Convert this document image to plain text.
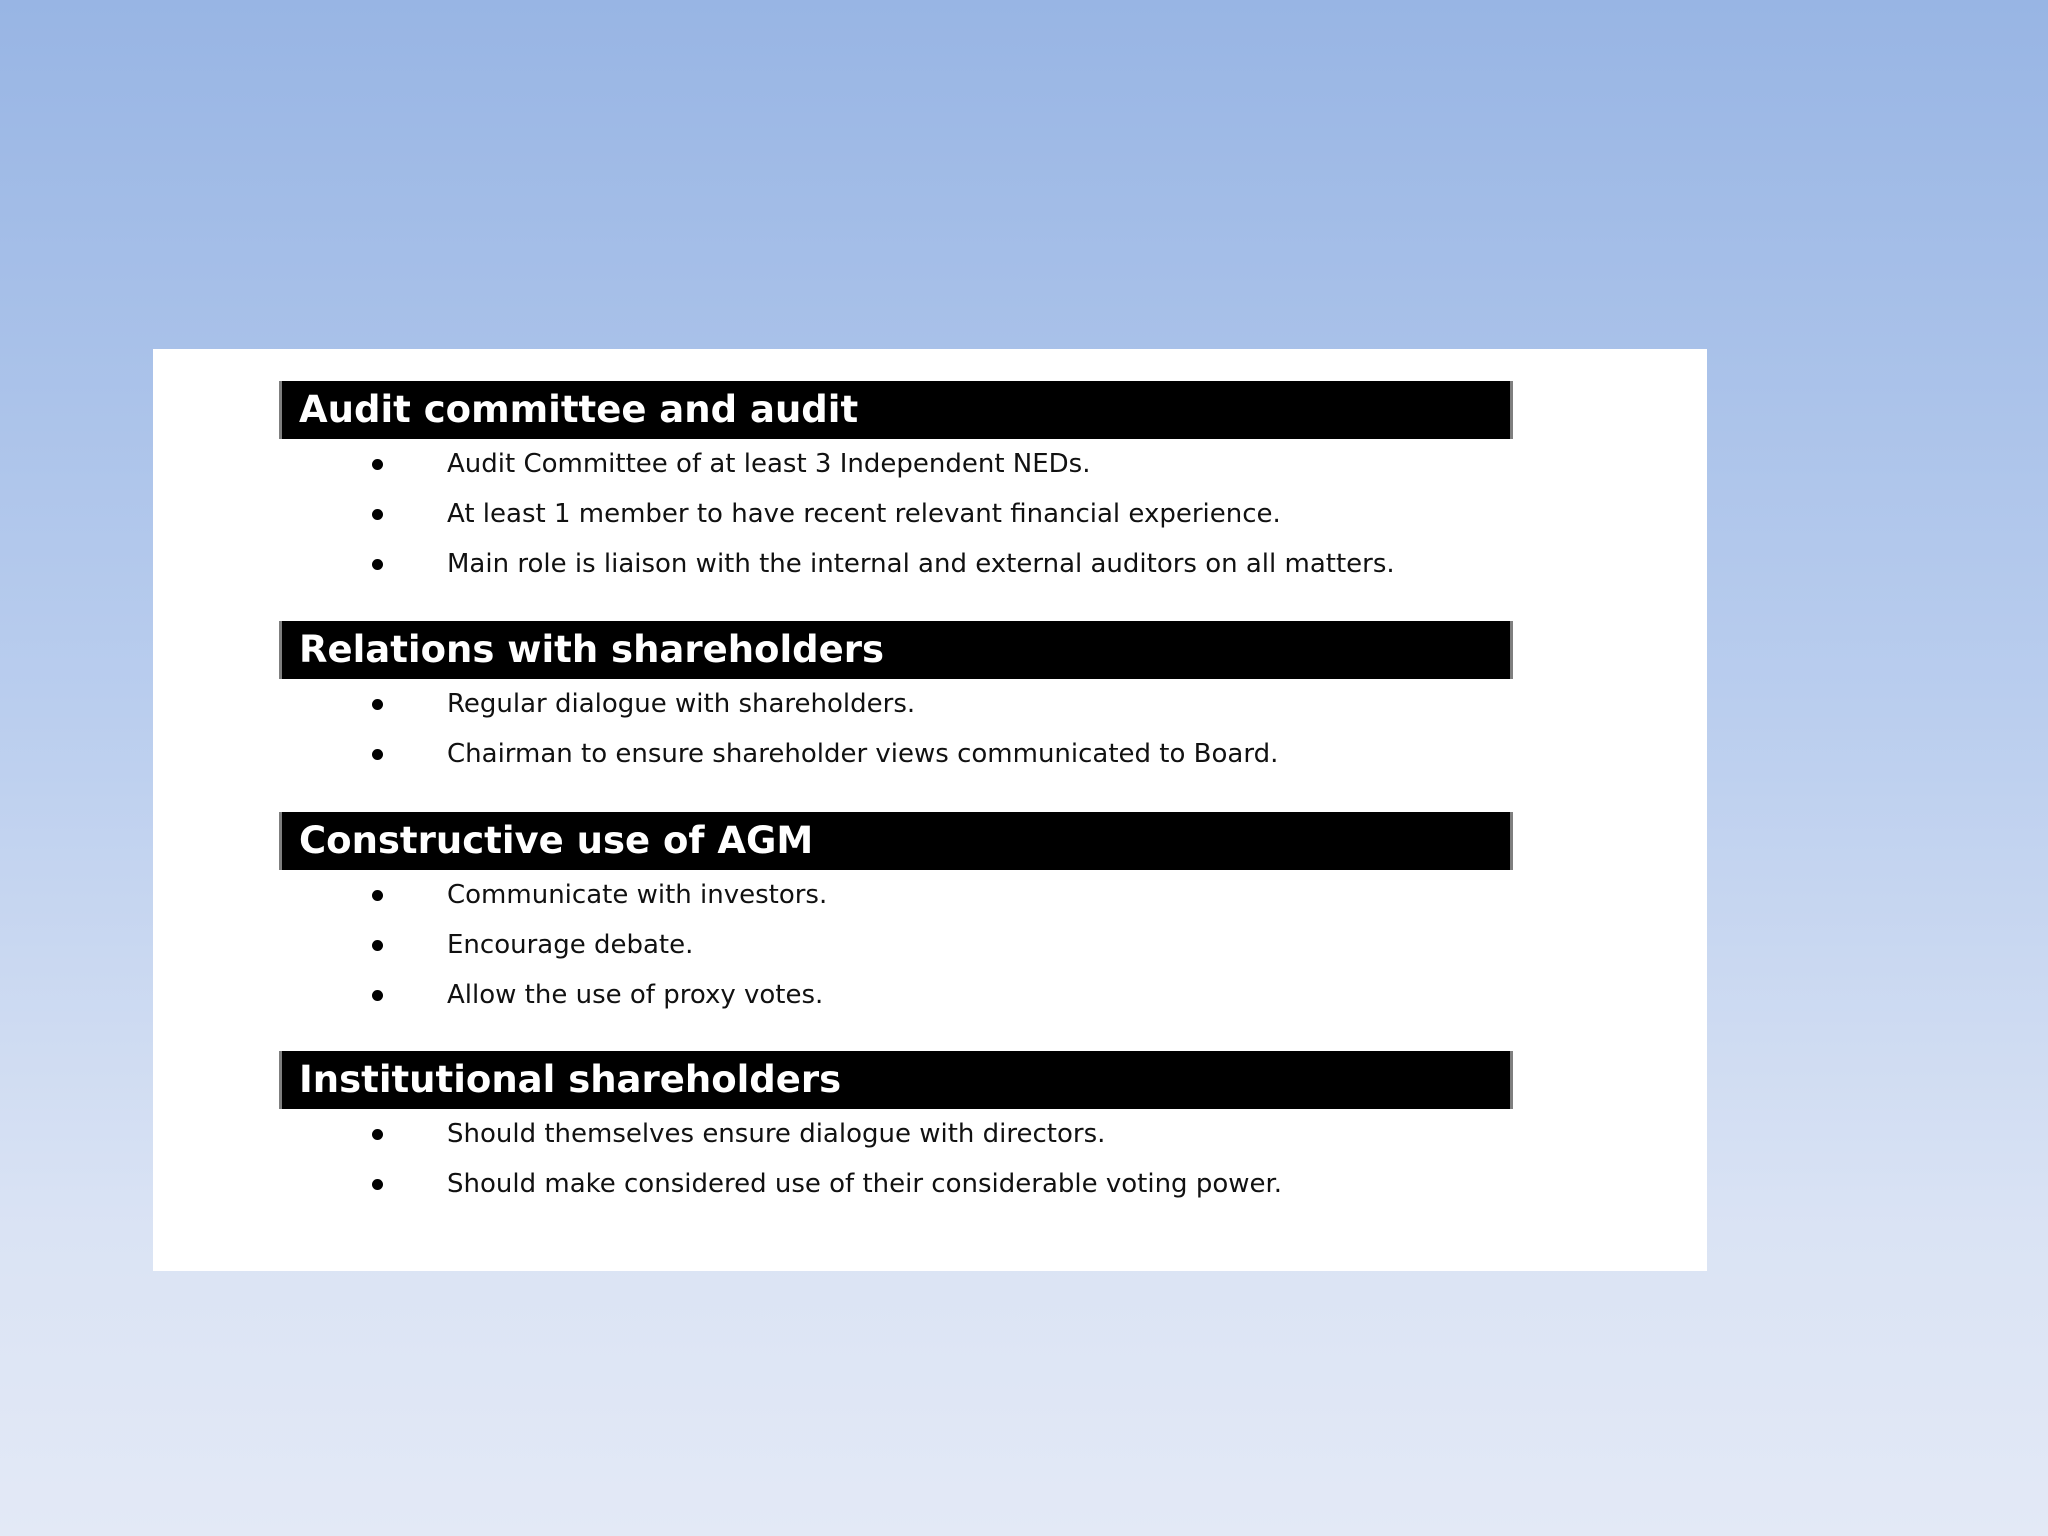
Audit committee and audit
Audit Committee of at least 3 Independent NEDs.
At least 1 member to have recent relevant financial experience.
Main role is liaison with the internal and external auditors on all matters.
Relations with shareholders
Regular dialogue with shareholders.
Chairman to ensure shareholder views communicated to Board.
Constructive use of AGM
Communicate with investors.
Encourage debate.
Allow the use of proxy votes.
Institutional shareholders
Should themselves ensure dialogue with directors.
Should make considered use of their considerable voting power.
